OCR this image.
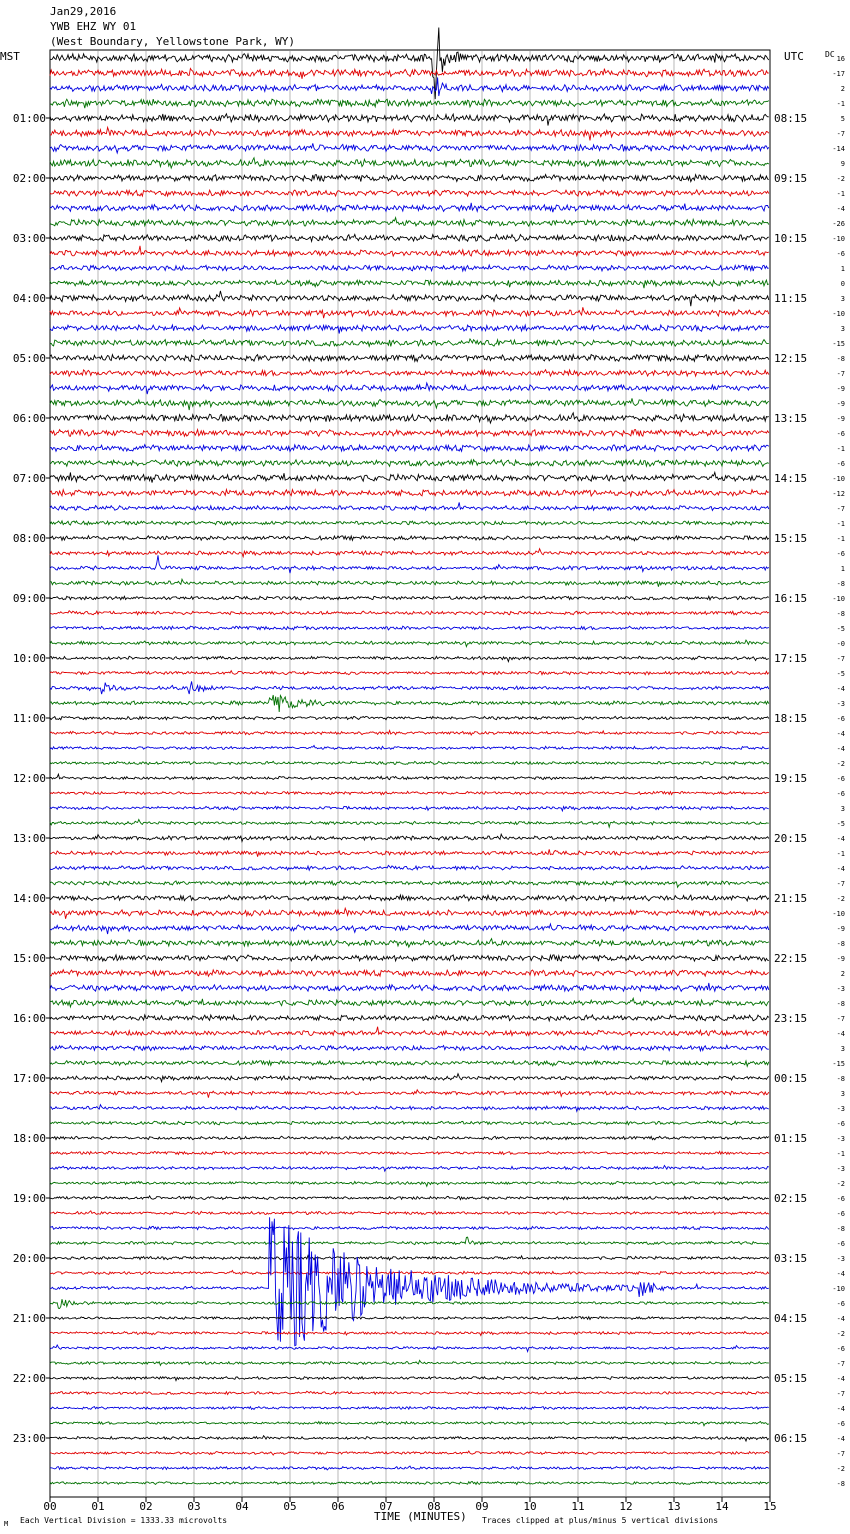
Jan29,2016
YWB EHZ WY 01
(West Boundary, Yellowstone Park, WY)
MST	UTC	DC
01:00
02:00
03:00
04:00
05:00
06:00
07:00
08:00
09:00
10:00
11:00
12:00
13:00
14:00
15:00
16:00
17:00
18:00
19:00
20:00
21:00
22:00
23:00
08:15
09:15
10:15
11:15
12:15
13:15
14:15
15:15
16:15
17:15
18:15
19:15
20:15
21:15
22:15
23:15
00:15
01:15
02:15
03:15
04:15
05:15
06:15
16
-17
2
-1
5
-7
-14
9
-2
-1
-4
-26
-10
-6
1
0
3
-10
3
-15
-8
-7
-9
-9
-9
-6
-1
-6
-10
-12
-7
-1
-1
-6
1
-8
-10
-8
-5
-0
-7
-5
-4
-3
-6
-4
-4
-2
-6
-6
3
-5
-4
-1
-4
-7
-2
-10
-9
-8
-9
2
-3
-8
-7
-4
3
-15
-8
3
-3
-6
-3
-1
-3
-2
-6
-6
-8
-6
-3
-4
-10
-6
-4
-2
-6
-7
-4
-7
-4
-6
-4
-7
-2
-8
00	01	02	03	04	05	06	07	08	09	10	11	12	13	14	15
M Each Vertical Division = 1333.33 microvolts	TIME (MINUTES) Traces clipped at plus/minus 5 vertical divisions
